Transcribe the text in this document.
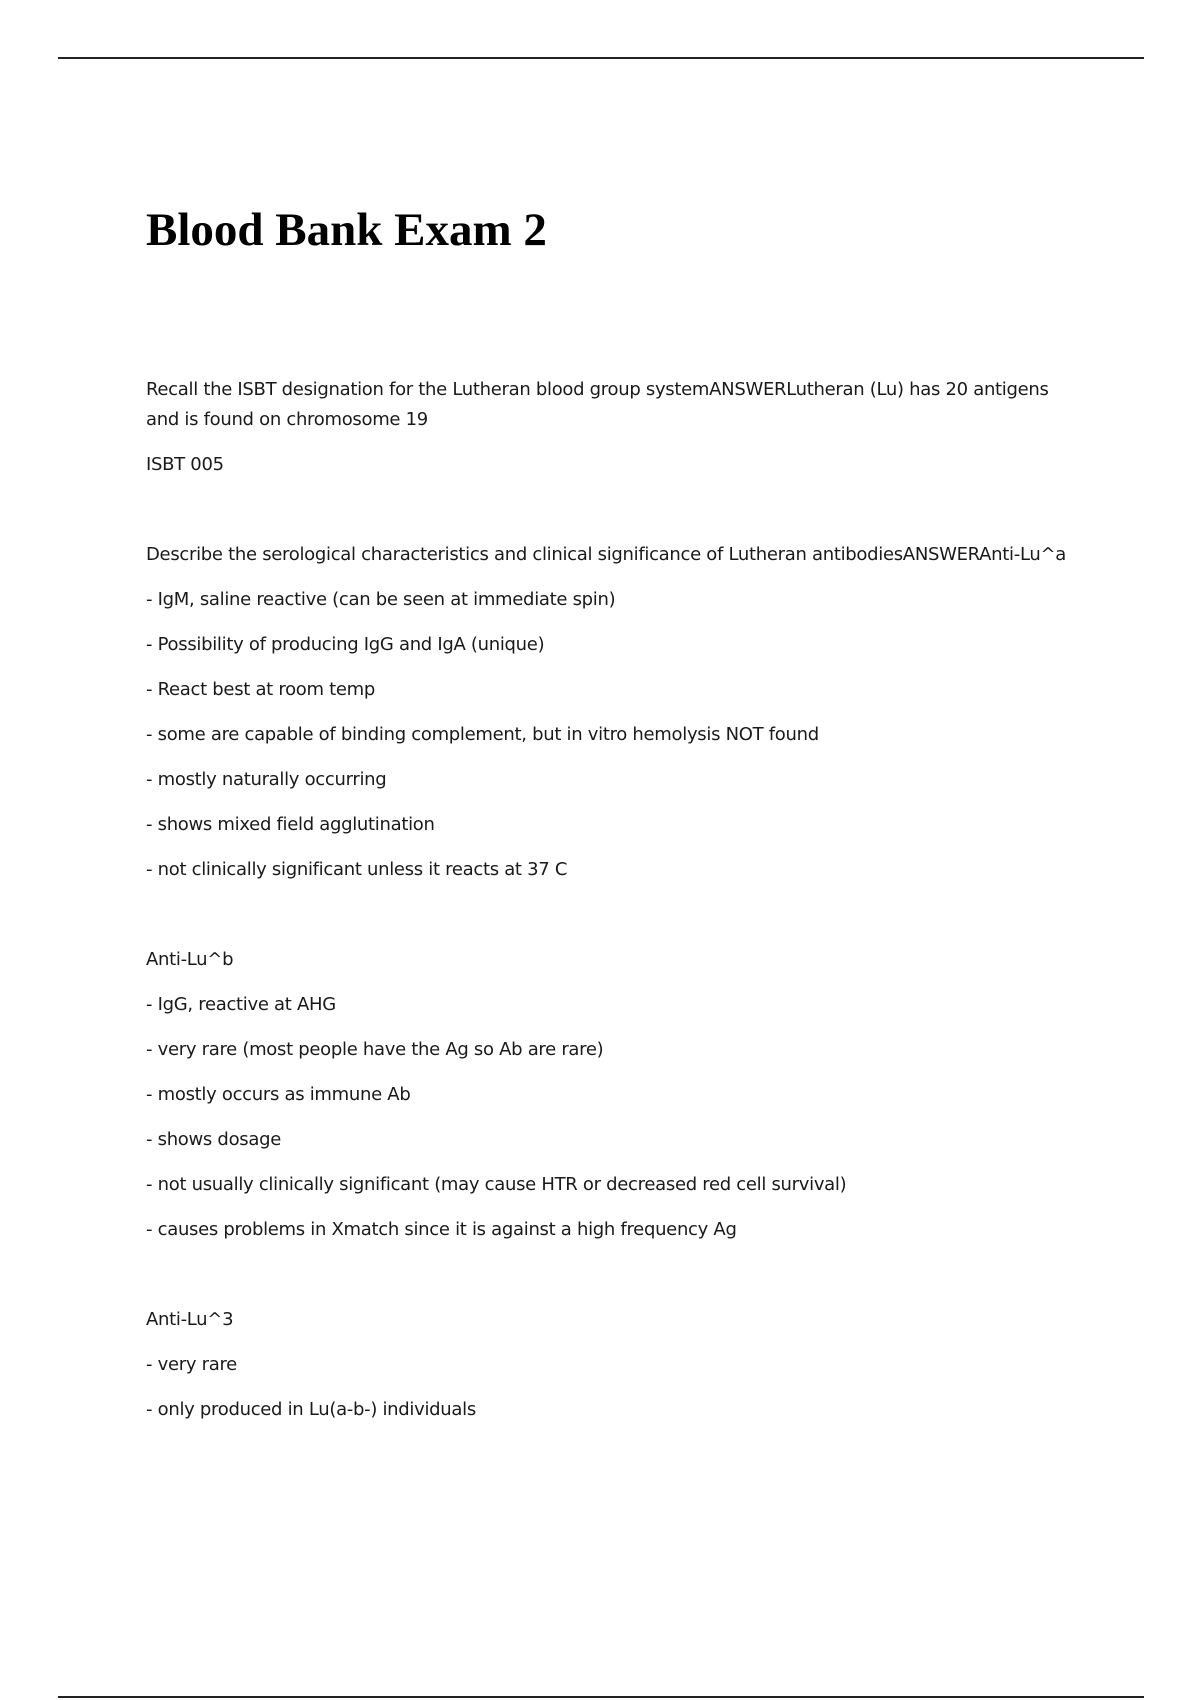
Blood Bank Exam 2

Recall the ISBT designation for the Lutheran blood group systemANSWERLutheran (Lu) has 20 antigens
and is found on chromosome 19

ISBT 005

Describe the serological characteristics and clinical significance of Lutheran antibodiesANSWERAnti-Lu^a

- IgM, saline reactive (can be seen at immediate spin)

- Possibility of producing IgG and IgA (unique)

- React best at room temp

- some are capable of binding complement, but in vitro hemolysis NOT found

- mostly naturally occurring

- shows mixed field agglutination

- not clinically significant unless it reacts at 37 C

Anti-Lu^b

- IgG, reactive at AHG

- very rare (most people have the Ag so Ab are rare)

- mostly occurs as immune Ab

- shows dosage

- not usually clinically significant (may cause HTR or decreased red cell survival)

- causes problems in Xmatch since it is against a high frequency Ag

Anti-Lu^3

- very rare

- only produced in Lu(a-b-) individuals
